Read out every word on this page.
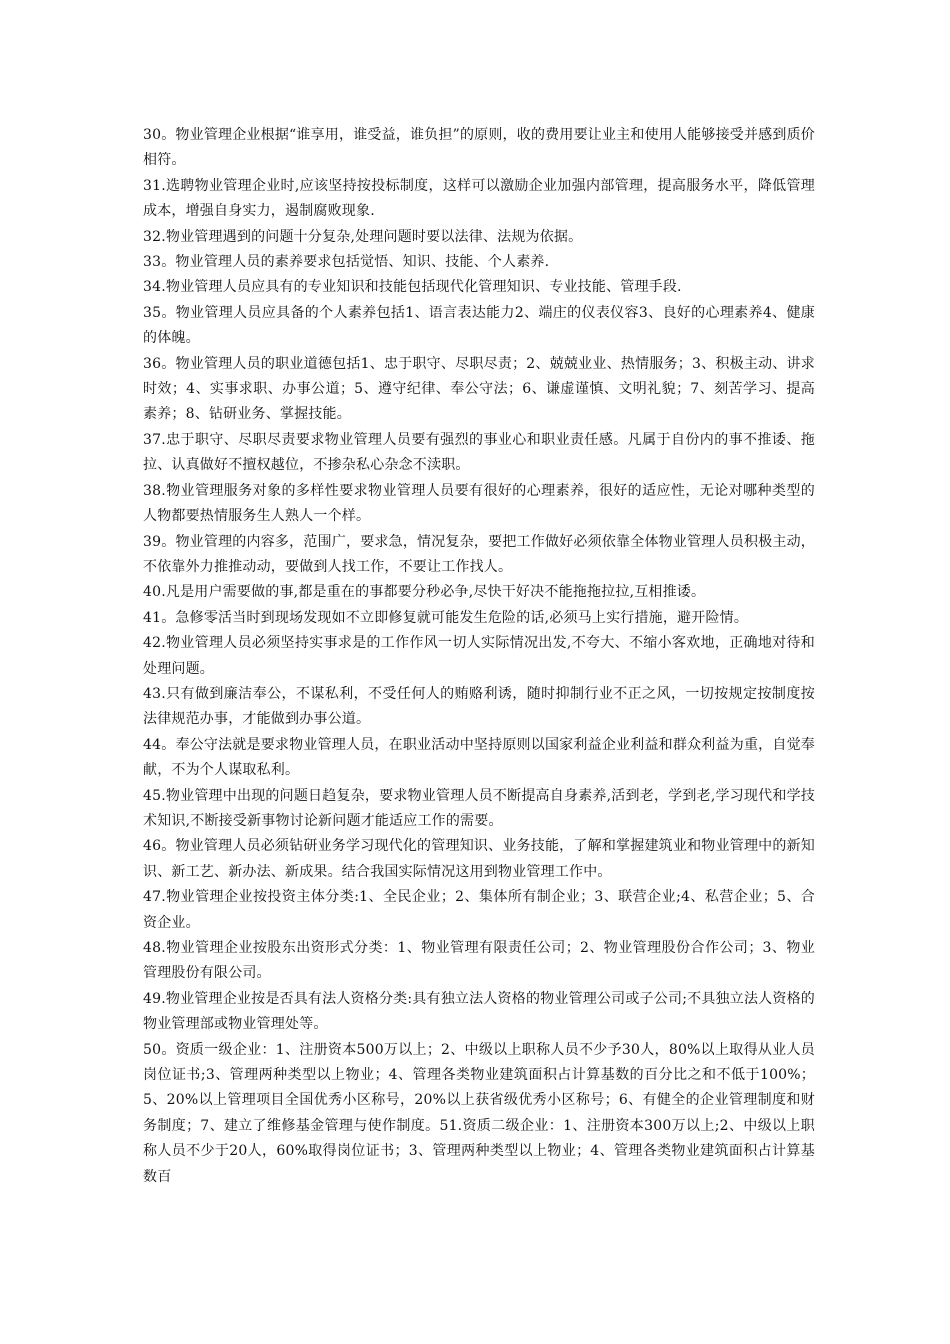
30。物业管理企业根据“谁享用，谁受益，谁负担”的原则，收的费用要让业主和使用人能够接受并感到质价相符。

31.选聘物业管理企业时,应该坚持按投标制度，这样可以激励企业加强内部管理，提高服务水平，降低管理成本，增强自身实力，遏制腐败现象.

32.物业管理遇到的问题十分复杂,处理问题时要以法律、法规为依据。

33。物业管理人员的素养要求包括觉悟、知识、技能、个人素养.

34.物业管理人员应具有的专业知识和技能包括现代化管理知识、专业技能、管理手段.

35。物业管理人员应具备的个人素养包括1、语言表达能力2、端庄的仪表仪容3、良好的心理素养4、健康的体魄。

36。物业管理人员的职业道德包括1、忠于职守、尽职尽责；2、兢兢业业、热情服务；3、积极主动、讲求时效；4、实事求职、办事公道；5、遵守纪律、奉公守法；6、谦虚谨慎、文明礼貌；7、刻苦学习、提高素养；8、钻研业务、掌握技能。

37.忠于职守、尽职尽责要求物业管理人员要有强烈的事业心和职业责任感。凡属于自份内的事不推诿、拖拉、认真做好不擅权越位，不掺杂私心杂念不渎职。

38.物业管理服务对象的多样性要求物业管理人员要有很好的心理素养，很好的适应性，无论对哪种类型的人物都要热情服务生人熟人一个样。

39。物业管理的内容多，范围广，要求急，情况复杂，要把工作做好必须依靠全体物业管理人员积极主动，不依靠外力推推动动，要做到人找工作，不要让工作找人。

40.凡是用户需要做的事,都是重在的事都要分秒必争,尽快干好决不能拖拖拉拉,互相推诿。

41。急修零活当时到现场发现如不立即修复就可能发生危险的话,必须马上实行措施，避开险情。

42.物业管理人员必须坚持实事求是的工作作风一切人实际情况出发,不夸大、不缩小客欢地，正确地对待和处理问题。

43.只有做到廉洁奉公，不谋私利，不受任何人的贿赂利诱，随时抑制行业不正之风，一切按规定按制度按法律规范办事，才能做到办事公道。

44。奉公守法就是要求物业管理人员，在职业活动中坚持原则以国家利益企业利益和群众利益为重，自觉奉献，不为个人谋取私利。

45.物业管理中出现的问题日趋复杂，要求物业管理人员不断提高自身素养,活到老，学到老,学习现代和学技术知识,不断接受新事物讨论新问题才能适应工作的需要。

46。物业管理人员必须钻研业务学习现代化的管理知识、业务技能，了解和掌握建筑业和物业管理中的新知识、新工艺、新办法、新成果。结合我国实际情况这用到物业管理工作中。

47.物业管理企业按投资主体分类:1、全民企业；2、集体所有制企业；3、联营企业;4、私营企业；5、合资企业。

48.物业管理企业按股东出资形式分类：1、物业管理有限责任公司；2、物业管理股份合作公司；3、物业管理股份有限公司。

49.物业管理企业按是否具有法人资格分类:具有独立法人资格的物业管理公司或子公司;不具独立法人资格的物业管理部或物业管理处等。

50。资质一级企业：1、注册资本500万以上；2、中级以上职称人员不少予30人，80%以上取得从业人员岗位证书;3、管理两种类型以上物业；4、管理各类物业建筑面积占计算基数的百分比之和不低于100%；5、20%以上管理项目全国优秀小区称号，20%以上获省级优秀小区称号；6、有健全的企业管理制度和财务制度；7、建立了维修基金管理与使作制度。51.资质二级企业：1、注册资本300万以上;2、中级以上职称人员不少于20人，60%取得岗位证书；3、管理两种类型以上物业；4、管理各类物业建筑面积占计算基数百
